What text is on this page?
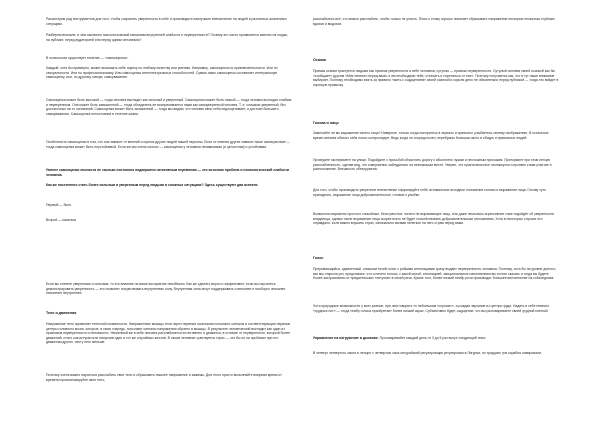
Рассмотрим ряд инструментов для того, чтобы сохранять уверенность в себе и производить наилучшее впечатление на людей в различных жизненных ситуациях.
Разберем вначале, в чем заключен психологический механизм внутренней слабости и неуверенности? Почему это часто проявляется именно на людях, на публике, перед аудиторией или перед одним человеком?
В психологии существует понятие — «самооценка».
Каждый, хотя бы примерно, может высказать себе оценку по любому качеству или умению. Например, самооценка по привлекательности. Или по сексуальности. Или по профессионализму. Или самооценка интеллектуальных способностей. Сумма таких самооценок составляет интегральную самооценку, или, по другому говоря, самоуважение.
Самооценка может быть высокой — тогда человек выглядит как сильный и уверенный. Самооценка может быть низкой — тогда человек выглядит слабым и неуверенным. Она может быть завышенной — тогда обладатель ее воспринимается нами как самоуверенный человек. Т. е. слишком уверенный, без достаточных на то оснований. Самооценка может быть заниженной — тогда мы видим, что человек явно себя недооценивает, и достоин большего самоуважения. Самооценка непостоянна в течение жизни.
Особенность самооценки в том, что она зависит от мнений и оценок других людей нашей персоны. Если от мнения других зависит наше самочувствие — тогда самооценка может быть неустойчивой. Если же мы очень сильно — самооценка у человека независимая (и целостная) и устойчивая.
Уменее самооценки личности не сколько постоянно подвержено негативным переменам — это источник проблем и психологической слабости человека.
Как же постепенно стать более сильным и уверенным перед людьми в сложных ситуациях? Здесь существуют два аспекта:
Первый — быть
Второй — казаться
Если вы станете уверенным и сильным, то это влияние на ваше восприятие неизбежно. Как же сделать верно и эффективно: если вы научитесь демонстрировать уверенность — это позволит почувствовать внутреннюю силу. Внутренняя сила могут поддерживать и внешнее и наоборот, внешнее наполняет внутреннее.
Тело и движения
Напряжение тело проявляет телесной скованности. Напряженные мышцы тела через нервные окончания посылают сигналы в соответствующие нервные центры головного мозга, которые, в свою очередь, посылают сигналы напряжения обратно в мышцы. В результате человеческий выглядит как один из признаков неуверенности и неловкости. Уверенный же в себе человек расслабляется естественно и движется, в отличие от неуверенного, который более движений, стоит, как истукан или напротив один и тот же случайных жестов. В таком человеке чувствуется страх — что бы он ни пробовал при его движении других, чем у него меньше.
Поэтому очень важно научиться расслабить свое тело и сбрасывать лишнее напряжение и зажимы. Для этого просто выполняйте вовремя время от времени проанализируйте свое тело,
расслабьтесь все, что можно расслабить, чтобы только не упасть. Плюс к этому хорошо помогает сбрасывать напряжение нехитрые несколько глубоких вдохов и выдохов.
Осанка
Прямая осанка трактуется людьми как признак уверенности в себе человека, сутулая — признак неуверенности. Сутулый человек своей осанкой как бы «сообщает» другим «Мне немного перед вами, я им необходимо тебе, отъехать и спрятаться от них». Поэтому получается как, что в тут наше внимание выбирает. Поэтому необходимо взять за правило «жить с ощущением» своей осанкой и корили дело не обязательно перед публикой — тогда это войдет в хорошую привычку.
Голова и лицо
Замечайте ли вы выражение своего лица? Наверное, только когда смотритесь в зеркало и привычно улыбаетесь своему изображению. В остальное время человек обычно себя плохо контролирует. Ведь когда он сосредоточен, перебраны большая часть в общую и привычных людей.
Проведите эксперимент на улице. Подойдите с просьбой объяснить дорогу к абсолютно чужим и несложным прохожим. Притормите при этом легкую расслабленность, сделав вид, что совершенно заблудились на незнакомом месте. Уверен, что практически все откликнутся и проявят к вам участие и расположение. Внешность обезоружена.
Для того, чтобы производить уверенное впечатление сформируйте себе оптимальное исходное положение головы и выражение лица. Голову чуть приподнять, выражение лица доброжелательное, готовое к улыбке.
Возвононы варианты простого спокойные, бесстрастное, ничего не выражающее лицо, или даже несколько агрессивное тоже подойдёт об уверенности владельца, однако такое выражение лица скорее всего не будет способствовать доброжелательным отношениям. Хотя в некоторых случаях это оправдано, если важно внушить страх, изначально вызвав нелегкое на него страм перед вами.
Голос
Прерывающийся, сдавленный, слишком тихий голос с робкими интонациями сразу выдает неуверенность человека. Поэтому, хотя бы на уровне долгого, как мы открыли рот, представьте, что и ничего голоса, с какой силой, интонацией, эмоциональные наполнением вы хотите сказать и тогда вы будете более застрахованы от предательских «петухов» в своей речи. Кроме того, более низкий тембр речи производит большее впечатление на собеседника.
Хотя природные возможности у всех разные, при чем говорить «с небольшим «горлом»», а рождая звучание из центра груди. Надеть в себе немного «грудных нот» — тогда тембр голоса приобретает более низкий окрас. Субъективно будет ощущение, что вы разговариваете своей грудной клеткой.
Упражнение на погружение в дыхание. Проговаривайте каждый день от 3 до 5 раз вслух следующий текст.
В четверг четвертого числа в четыре с четвертью часа лигурийский регулировщик регулировал в Лигурии, но тридцать три корабля лавировали,
